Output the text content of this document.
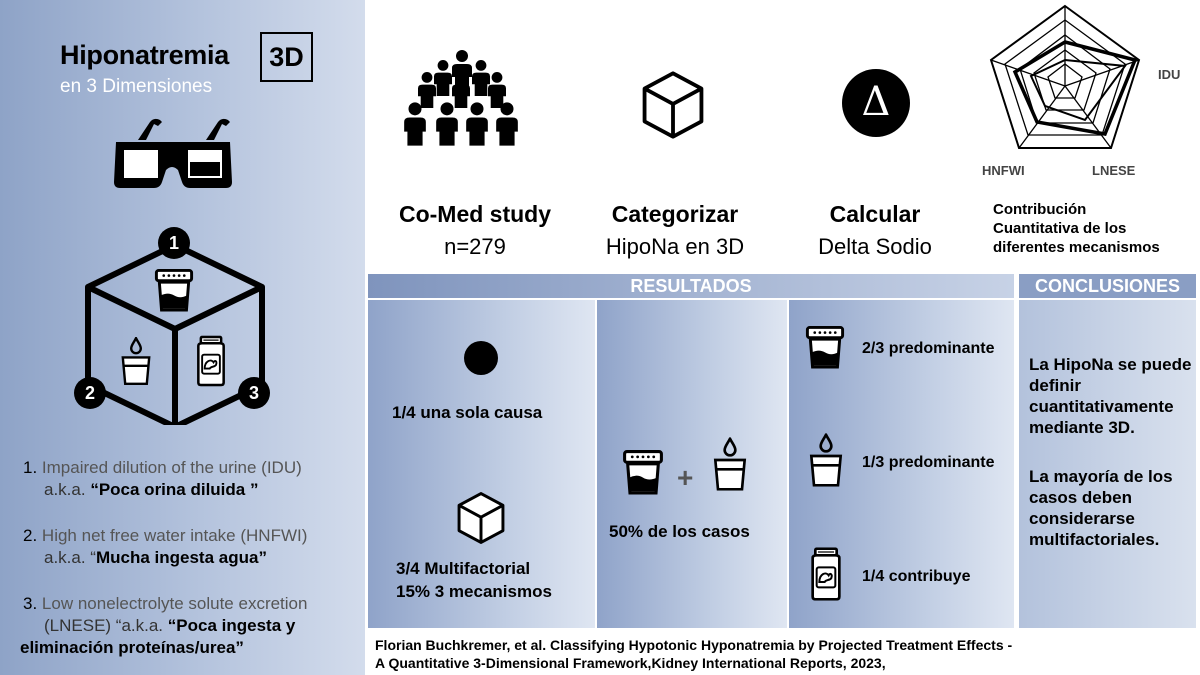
Hiponatremia	3D
en 3 Dimensiones
1
2	3
1. Impaired dilution of the urine (IDU)
a.k.a. “Poca orina diluida ”
2. High net free water intake (HNFWI)
a.k.a. “Mucha ingesta agua”
3. Low nonelectrolyte solute excretion
(LNESE) “a.k.a. “Poca ingesta y eliminación proteínas/urea”
Δ
Co-Med study
n=279
Categorizar
HipoNa en 3D
Calcular
Delta Sodio
IDU
LNESE
HNFWI
Contribución
Cuantitativa de los
diferentes mecanismos
RESULTADOS	CONCLUSIONES
1/4 una sola causa
3/4 Multifactorial
15% 3 mecanismos
+
50% de los casos
2/3 predominante
1/3 predominante
1/4 contribuye
La HipoNa se puede definir cuantitativamente mediante 3D.
La mayoría de los casos deben considerarse multifactoriales.
Florian Buchkremer, et al. Classifying Hypotonic Hyponatremia by Projected Treatment Effects -
A Quantitative 3-Dimensional Framework,Kidney International Reports, 2023,
